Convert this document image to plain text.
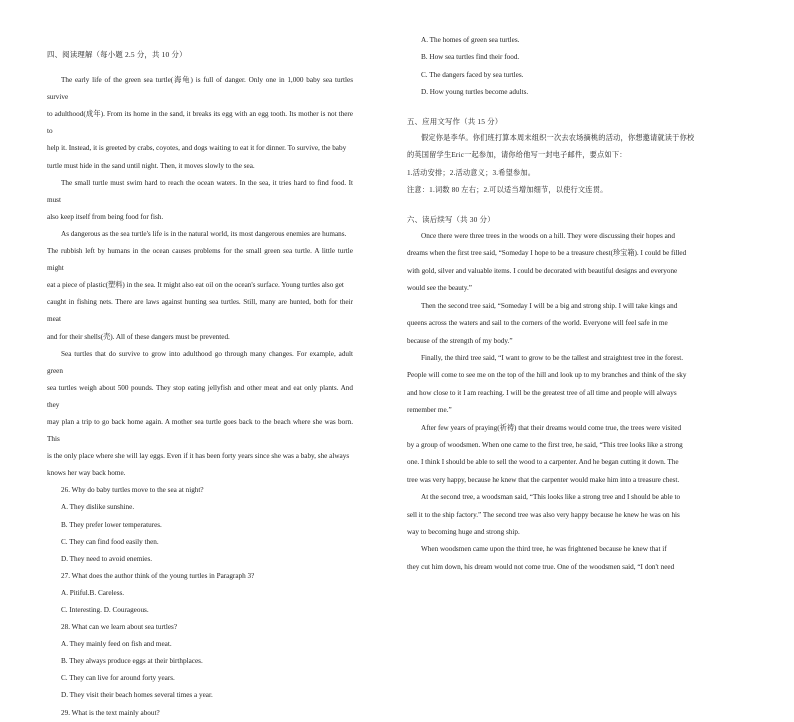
四、阅读理解（每小题 2.5 分，共 10 分）

The early life of the green sea turtle(海龟) is full of danger. Only one in 1,000 baby sea turtles survive

to adulthood(成年). From its home in the sand, it breaks its egg with an egg tooth. Its mother is not there to

help it. Instead, it is greeted by crabs, coyotes, and dogs waiting to eat it for dinner. To survive, the baby

turtle must hide in the sand until night. Then, it moves slowly to the sea.

The small turtle must swim hard to reach the ocean waters. In the sea, it tries hard to find food. It must

also keep itself from being food for fish.

As dangerous as the sea turtle's life is in the natural world, its most dangerous enemies are humans.

The rubbish left by humans in the ocean causes problems for the small green sea turtle. A little turtle might

eat a piece of plastic(塑料) in the sea. It might also eat oil on the ocean's surface. Young turtles also get

caught in fishing nets. There are laws against hunting sea turtles. Still, many are hunted, both for their meat

and for their shells(壳). All of these dangers must be prevented.

Sea turtles that do survive to grow into adulthood go through many changes. For example, adult green

sea turtles weigh about 500 pounds. They stop eating jellyfish and other meat and eat only plants. And they

may plan a trip to go back home again. A mother sea turtle goes back to the beach where she was born. This

is the only place where she will lay eggs. Even if it has been forty years since she was a baby, she always

knows her way back home.

26. Why do baby turtles move to the sea at night?

A. They dislike sunshine.

B. They prefer lower temperatures.

C. They can find food easily then.

D. They need to avoid enemies.

27. What does the author think of the young turtles in Paragraph 3?

A. Pitiful.B. Careless.

C. Interesting. D. Courageous.

28. What can we learn about sea turtles?

A. They mainly feed on fish and meat.

B. They always produce eggs at their birthplaces.

C. They can live for around forty years.

D. They visit their beach homes several times a year.

29. What is the text mainly about?

A. The homes of green sea turtles.

B. How sea turtles find their food.

C. The dangers faced by sea turtles.

D. How young turtles become adults.

五、应用文写作（共 15 分）

假定你是李华。你们班打算本周末组织一次去农场摘桃的活动，你想邀请就读于你校

的英国留学生Eric一起参加，请你给他写一封电子邮件，要点如下：

1.活动安排；2.活动意义；3.希望参加。

注意：1.词数 80 左右；2.可以适当增加细节，以使行文连贯。

六、读后续写（共 30 分）

Once there were three trees in the woods on a hill. They were discussing their hopes and

dreams when the first tree said, “Someday I hope to be a treasure chest(珍宝箱). I could be filled

with gold, silver and valuable items. I could be decorated with beautiful designs and everyone

would see the beauty.”

Then the second tree said, “Someday I will be a big and strong ship. I will take kings and

queens across the waters and sail to the corners of the world. Everyone will feel safe in me

because of the strength of my body.”

Finally, the third tree said, “I want to grow to be the tallest and straightest tree in the forest.

People will come to see me on the top of the hill and look up to my branches and think of the sky

and how close to it I am reaching. I will be the greatest tree of all time and people will always

remember me.”

After few years of praying(祈祷) that their dreams would come true, the trees were visited

by a group of woodsmen. When one came to the first tree, he said, “This tree looks like a strong

one. I think I should be able to sell the wood to a carpenter. And he began cutting it down. The

tree was very happy, because he knew that the carpenter would make him into a treasure chest.

At the second tree, a woodsman said, “This looks like a strong tree and I should be able to

sell it to the ship factory.” The second tree was also very happy because he knew he was on his

way to becoming huge and strong ship.

When woodsmen came upon the third tree, he was frightened because he knew that if

they cut him down, his dream would not come true. One of the woodsmen said, “I don't need
